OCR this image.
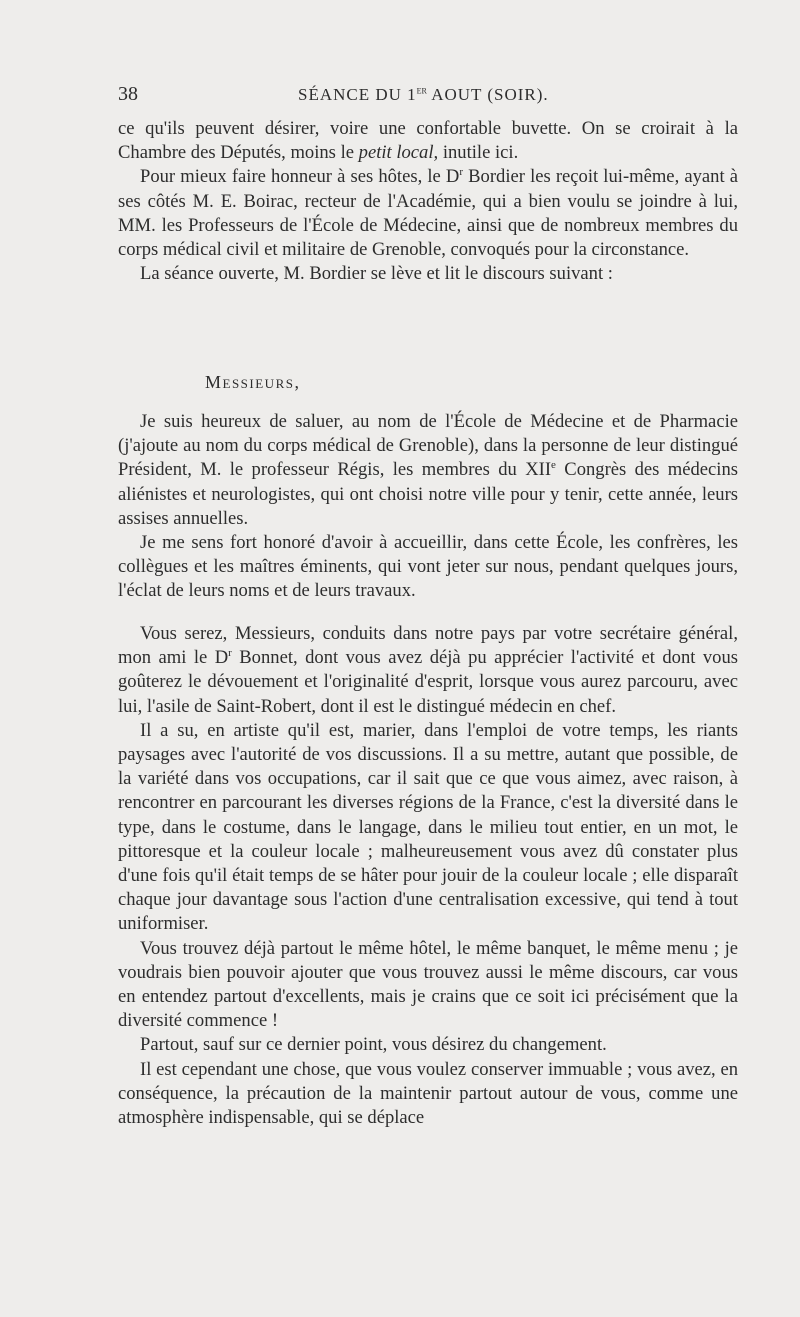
38	SÉANCE DU 1er AOUT (SOIR).

ce qu'ils peuvent désirer, voire une confortable buvette. On se croirait à la Chambre des Députés, moins le petit local, inutile ici.

Pour mieux faire honneur à ses hôtes, le $D^r$ Bordier les reçoit lui-même, ayant à ses côtés M. E. Boirac, recteur de l'Académie, qui a bien voulu se joindre à lui, MM. les Professeurs de l'École de Médecine, ainsi que de nombreux membres du corps médical civil et militaire de Grenoble, convoqués pour la circonstance.

La séance ouverte, M. Bordier se lève et lit le discours suivant :

Messieurs,

Je suis heureux de saluer, au nom de l'École de Médecine et de Pharmacie (j'ajoute au nom du corps médical de Grenoble), dans la personne de leur distingué Président, M. le professeur Régis, les membres du XIIe Congrès des médecins aliénistes et neurologistes, qui ont choisi notre ville pour y tenir, cette année, leurs assises annuelles.

Je me sens fort honoré d'avoir à accueillir, dans cette École, les confrères, les collègues et les maîtres éminents, qui vont jeter sur nous, pendant quelques jours, l'éclat de leurs noms et de leurs travaux.

Vous serez, Messieurs, conduits dans notre pays par votre secrétaire général, mon ami le $D^r$ Bonnet, dont vous avez déjà pu apprécier l'activité et dont vous goûterez le dévouement et l'originalité d'esprit, lorsque vous aurez parcouru, avec lui, l'asile de Saint-Robert, dont il est le distingué médecin en chef.

Il a su, en artiste qu'il est, marier, dans l'emploi de votre temps, les riants paysages avec l'autorité de vos discussions. Il a su mettre, autant que possible, de la variété dans vos occupations, car il sait que ce que vous aimez, avec raison, à rencontrer en parcourant les diverses régions de la France, c'est la diversité dans le type, dans le costume, dans le langage, dans le milieu tout entier, en un mot, le pittoresque et la couleur locale ; malheureusement vous avez dû constater plus d'une fois qu'il était temps de se hâter pour jouir de la couleur locale ; elle disparaît chaque jour davantage sous l'action d'une centralisation excessive, qui tend à tout uniformiser.

Vous trouvez déjà partout le même hôtel, le même banquet, le même menu ; je voudrais bien pouvoir ajouter que vous trouvez aussi le même discours, car vous en entendez partout d'excellents, mais je crains que ce soit ici précisément que la diversité commence !

Partout, sauf sur ce dernier point, vous désirez du changement.

Il est cependant une chose, que vous voulez conserver immuable ; vous avez, en conséquence, la précaution de la maintenir partout autour de vous, comme une atmosphère indispensable, qui se déplace
